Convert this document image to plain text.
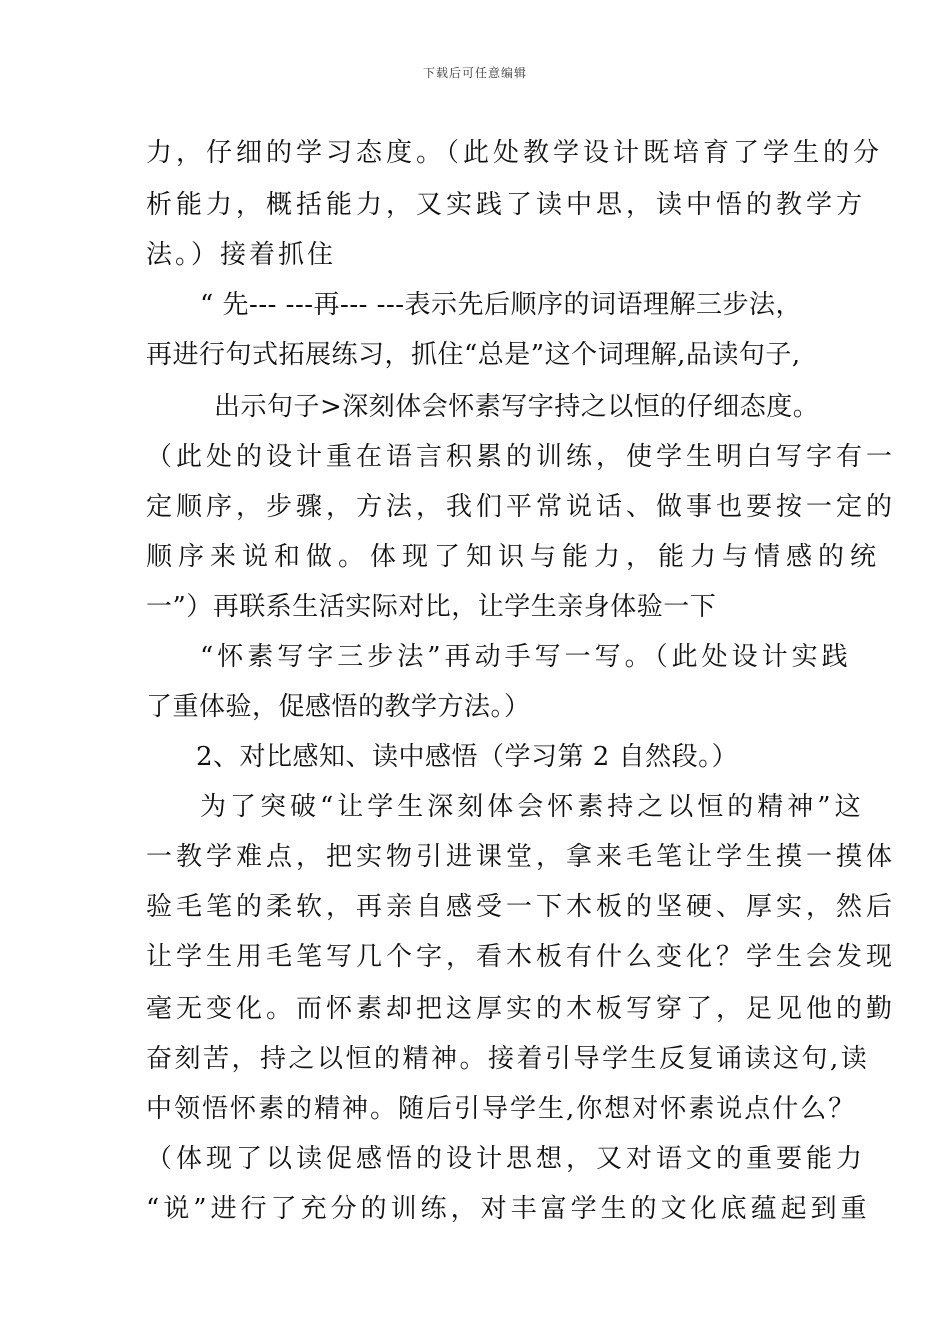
下载后可任意编辑
力，仔细的学习态度。（此处教学设计既培育了学生的分
析能力，概括能力，又实践了读中思，读中悟的教学方
法。）接着抓住
“ 先--- ---再--- ---表示先后顺序的词语理解三步法，
再进行句式拓展练习，抓住“总是”这个词理解,品读句子,
出示句子>深刻体会怀素写字持之以恒的仔细态度。
（此处的设计重在语言积累的训练，使学生明白写字有一
定顺序，步骤，方法，我们平常说话、做事也要按一定的
顺序来说和做。体现了知识与能力，能力与情感的统
一”）再联系生活实际对比，让学生亲身体验一下
“怀素写字三步法”再动手写一写。（此处设计实践
了重体验，促感悟的教学方法。）
2、对比感知、读中感悟（学习第 2 自然段。）
为了突破“让学生深刻体会怀素持之以恒的精神”这
一教学难点，把实物引进课堂，拿来毛笔让学生摸一摸体
验毛笔的柔软，再亲自感受一下木板的坚硬、厚实，然后
让学生用毛笔写几个字，看木板有什么变化？学生会发现
毫无变化。而怀素却把这厚实的木板写穿了，足见他的勤
奋刻苦，持之以恒的精神。接着引导学生反复诵读这句,读
中领悟怀素的精神。随后引导学生,你想对怀素说点什么？
（体现了以读促感悟的设计思想，又对语文的重要能力
“说”进行了充分的训练，对丰富学生的文化底蕴起到重
